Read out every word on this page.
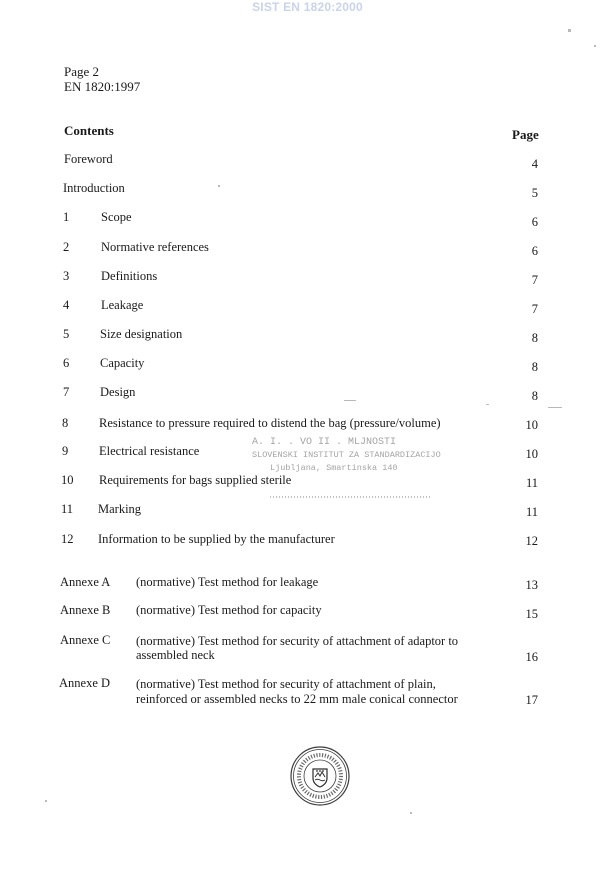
SIST EN 1820:2000
Page 2
EN 1820:1997
Contents	Page
Foreword	4
Introduction	5
1	Scope	6
2	Normative references	6
3	Definitions	7
4	Leakage	7
5 Size designation	8
6 Capacity	8
7 Design	8
8 Resistance to pressure required to distend the bag (pressure/volume)	10
9 Electrical resistance	10
10 Requirements for bags supplied sterile	11
11 Marking	11
12 Information to be supplied by the manufacturer	12
Annexe A (normative) Test method for leakage	13
Annexe B (normative) Test method for capacity	15
Annexe C (normative) Test method for security of attachment of adaptor to
assembled neck	16
Annexe D (normative) Test method for security of attachment of plain,
reinforced or assembled necks to 22 mm male conical connector	17
A. I. . VO II . MLJNOSTI
SLOVENSKI INSTITUT ZA STANDARDIZACIJO
Ljubljana, Smartinska 140
